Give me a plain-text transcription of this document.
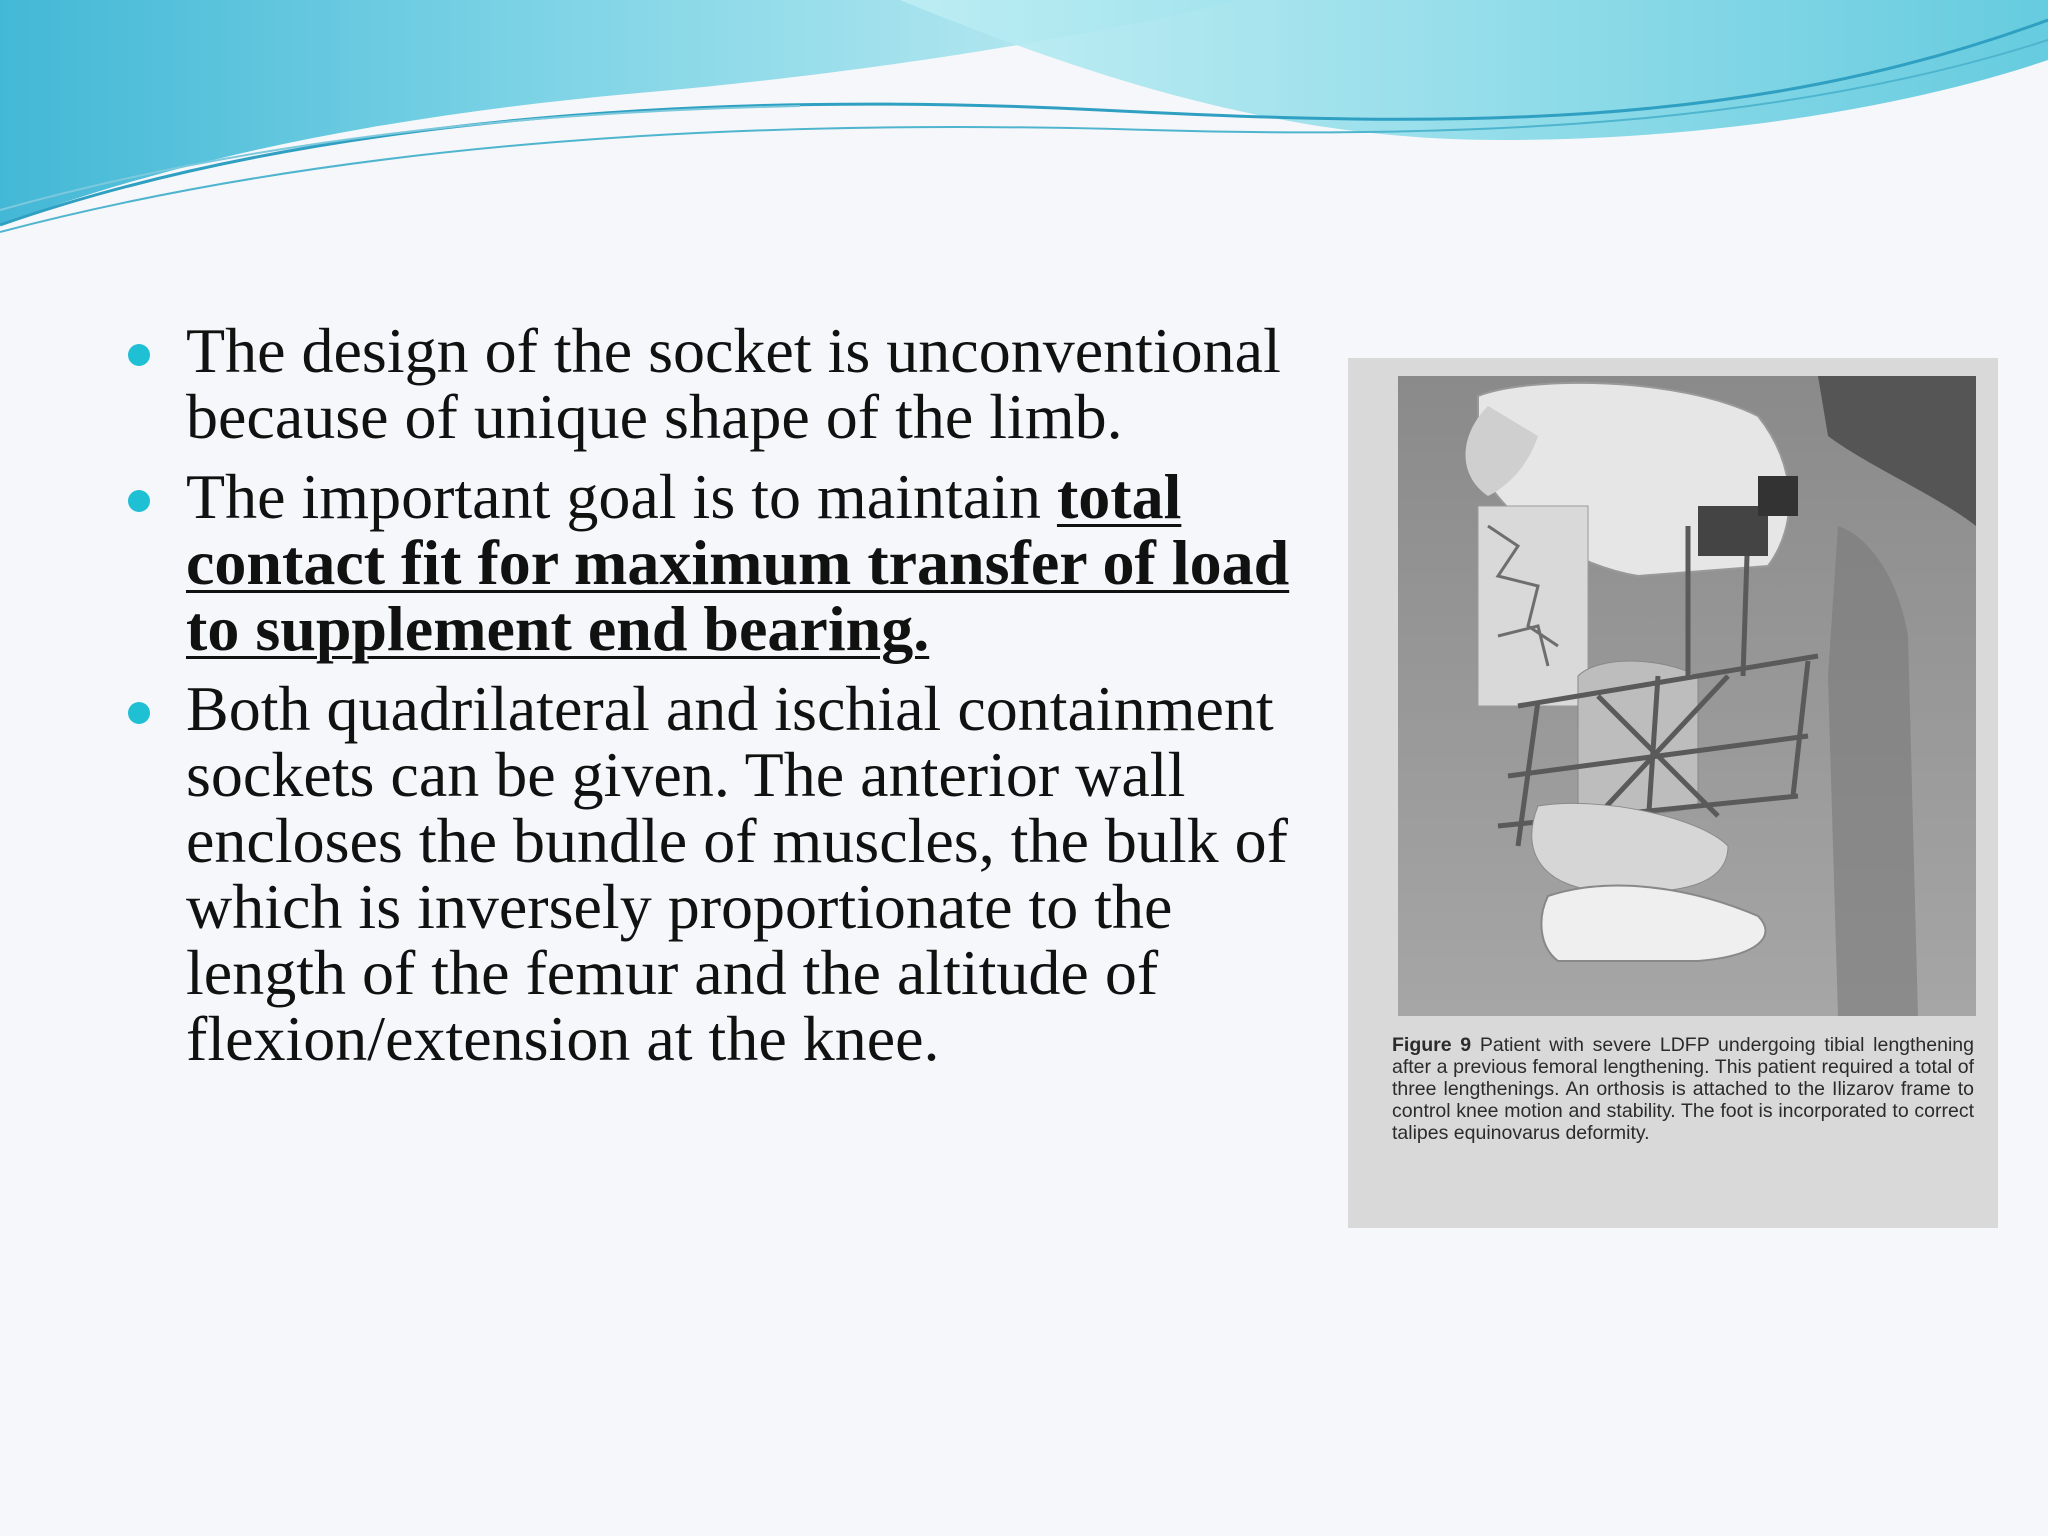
The design of the socket is unconventional because of unique shape of the limb.
The important goal is to maintain total contact fit for maximum transfer of load to supplement end bearing.
Both quadrilateral and ischial containment sockets can be given. The anterior wall encloses the bundle of muscles, the bulk of which is inversely proportionate to the length of the femur and the altitude of flexion/extension at the knee.	Figure 9 Patient with severe LDFP undergoing tibial lengthening after a previous femoral lengthening. This patient required a total of three lengthenings. An orthosis is attached to the Ilizarov frame to control knee motion and stability. The foot is incorporated to correct talipes equinovarus deformity.
